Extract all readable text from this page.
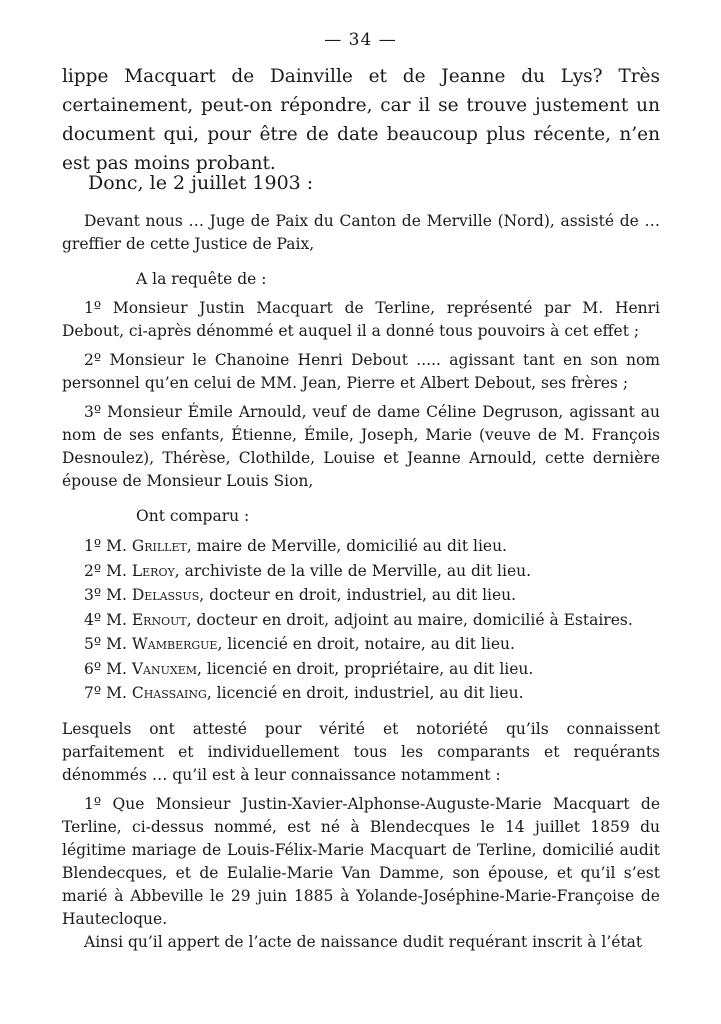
— 34 —

lippe Macquart de Dainville et de Jeanne du Lys? Très certainement, peut-on répondre, car il se trouve justement un document qui, pour être de date beaucoup plus récente, n’en est pas moins probant.

Donc, le 2 juillet 1903 :

Devant nous … Juge de Paix du Canton de Merville (Nord), assisté de … greffier de cette Justice de Paix,

A la requête de :

1º Monsieur Justin Macquart de Terline, représenté par M. Henri Debout, ci-après dénommé et auquel il a donné tous pouvoirs à cet effet ;

2º Monsieur le Chanoine Henri Debout ..... agissant tant en son nom personnel qu’en celui de MM. Jean, Pierre et Albert Debout, ses frères ;

3º Monsieur Émile Arnould, veuf de dame Céline Degruson, agissant au nom de ses enfants, Étienne, Émile, Joseph, Marie (veuve de M. François Desnoulez), Thérèse, Clothilde, Louise et Jeanne Arnould, cette dernière épouse de Monsieur Louis Sion,

Ont comparu :

1º M. Grillet, maire de Merville, domicilié au dit lieu.

2º M. Leroy, archiviste de la ville de Merville, au dit lieu.

3º M. Delassus, docteur en droit, industriel, au dit lieu.

4º M. Ernout, docteur en droit, adjoint au maire, domicilié à Estaires.

5º M. Wambergue, licencié en droit, notaire, au dit lieu.

6º M. Vanuxem, licencié en droit, propriétaire, au dit lieu.

7º M. Chassaing, licencié en droit, industriel, au dit lieu.

Lesquels ont attesté pour vérité et notoriété qu’ils connaissent parfaitement et individuellement tous les comparants et requérants dénommés … qu’il est à leur connaissance notamment :

1º Que Monsieur Justin-Xavier-Alphonse-Auguste-Marie Macquart de Terline, ci-dessus nommé, est né à Blendecques le 14 juillet 1859 du légitime mariage de Louis-Félix-Marie Macquart de Terline, domicilié audit Blendecques, et de Eulalie-Marie Van Damme, son épouse, et qu’il s’est marié à Abbeville le 29 juin 1885 à Yolande-Joséphine-Marie-Françoise de Hautecloque.

Ainsi qu’il appert de l’acte de naissance dudit requérant inscrit à l’état
